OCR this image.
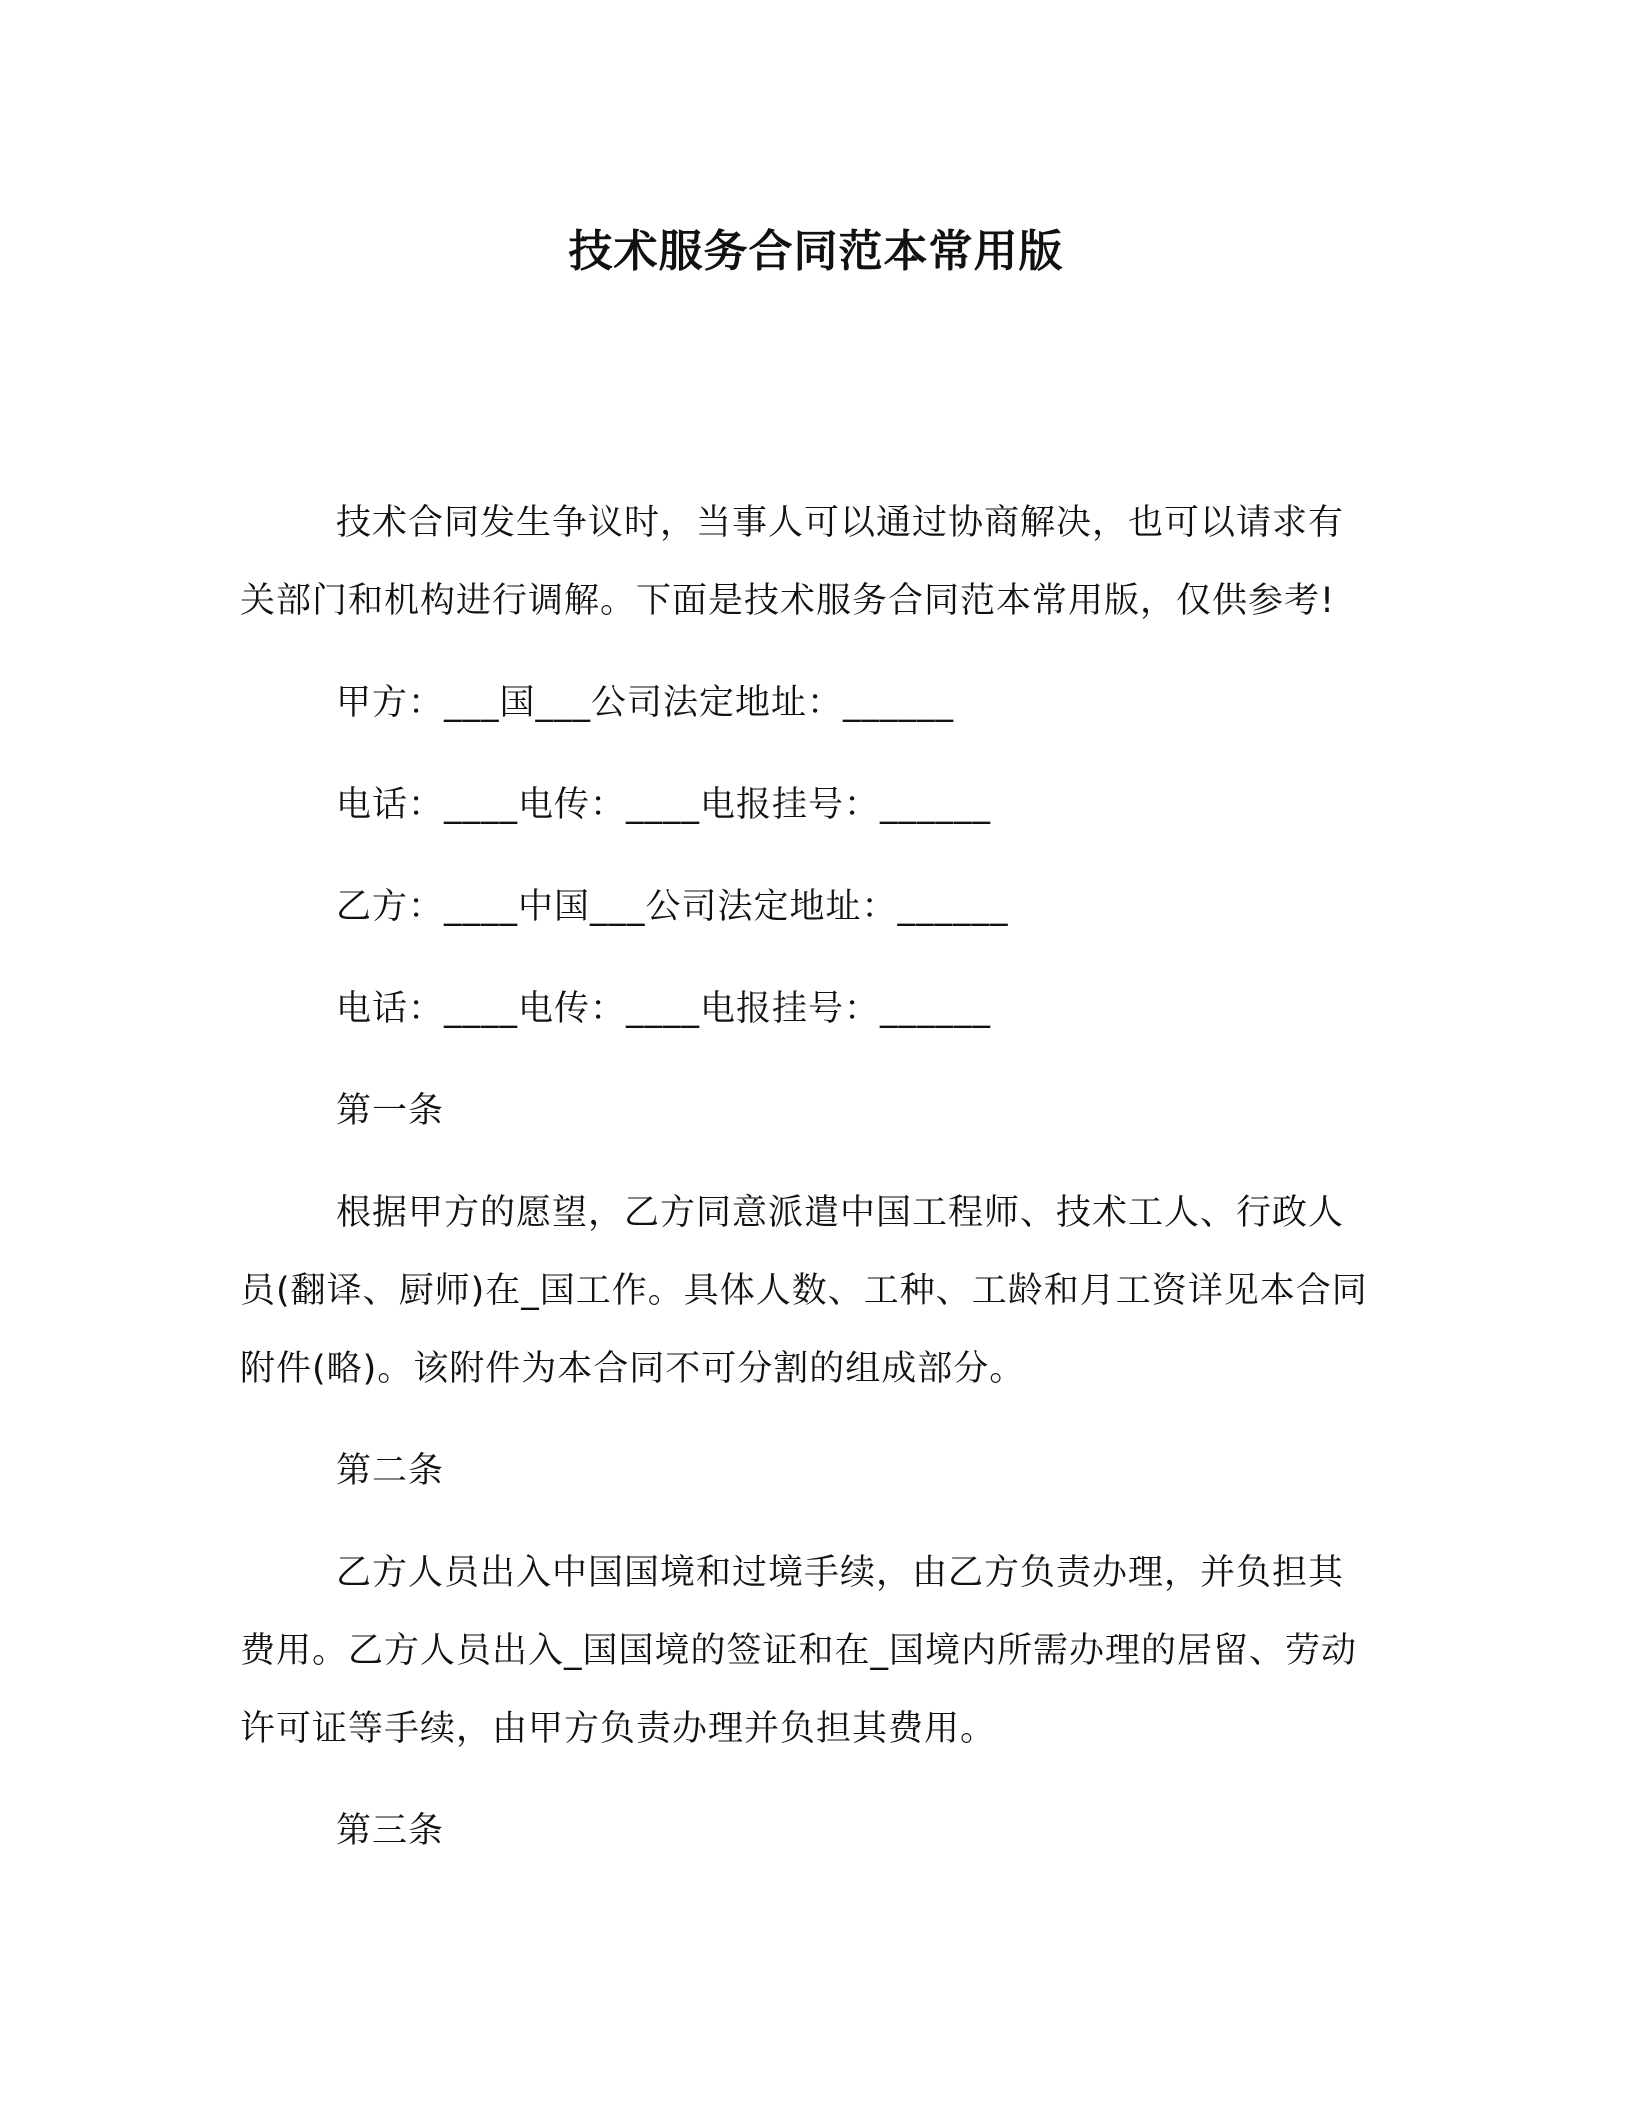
技术服务合同范本常用版

技术合同发生争议时，当事人可以通过协商解决，也可以请求有关部门和机构进行调解。下面是技术服务合同范本常用版，仅供参考!

甲方：___国___公司法定地址：______

电话：____电传：____电报挂号：______

乙方：____中国___公司法定地址：______

电话：____电传：____电报挂号：______

第一条

根据甲方的愿望，乙方同意派遣中国工程师、技术工人、行政人员(翻译、厨师)在_国工作。具体人数、工种、工龄和月工资详见本合同附件(略)。该附件为本合同不可分割的组成部分。

第二条

乙方人员出入中国国境和过境手续，由乙方负责办理，并负担其费用。乙方人员出入_国国境的签证和在_国境内所需办理的居留、劳动许可证等手续，由甲方负责办理并负担其费用。

第三条
